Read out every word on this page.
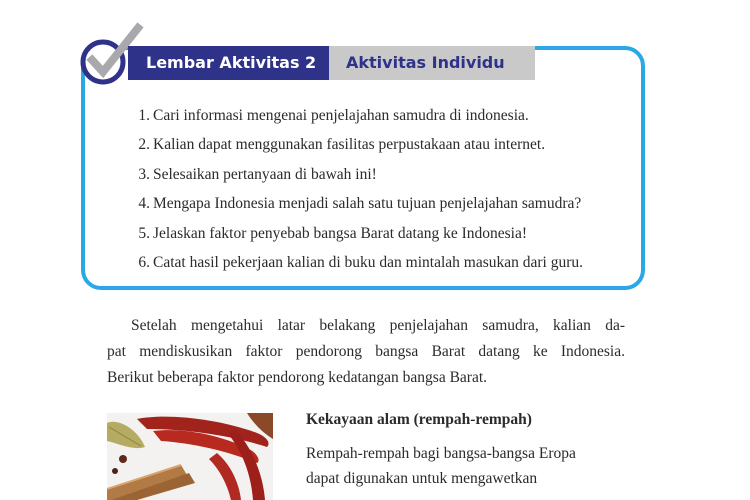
Lembar Aktivitas 2	Aktivitas Individu
1. Cari informasi mengenai penjelajahan samudra di indonesia.
2. Kalian dapat menggunakan fasilitas perpustakaan atau internet.
3. Selesaikan pertanyaan di bawah ini!
4. Mengapa Indonesia menjadi salah satu tujuan penjelajahan samudra?
5. Jelaskan faktor penyebab bangsa Barat datang ke Indonesia!
6. Catat hasil pekerjaan kalian di buku dan mintalah masukan dari guru.

Setelah mengetahui latar belakang penjelajahan samudra, kalian da-
pat mendiskusikan faktor pendorong bangsa Barat datang ke Indonesia.
Berikut beberapa faktor pendorong kedatangan bangsa Barat.

Kekayaan alam (rempah-rempah)

Rempah-rempah bagi bangsa-bangsa Eropa
dapat digunakan untuk mengawetkan
